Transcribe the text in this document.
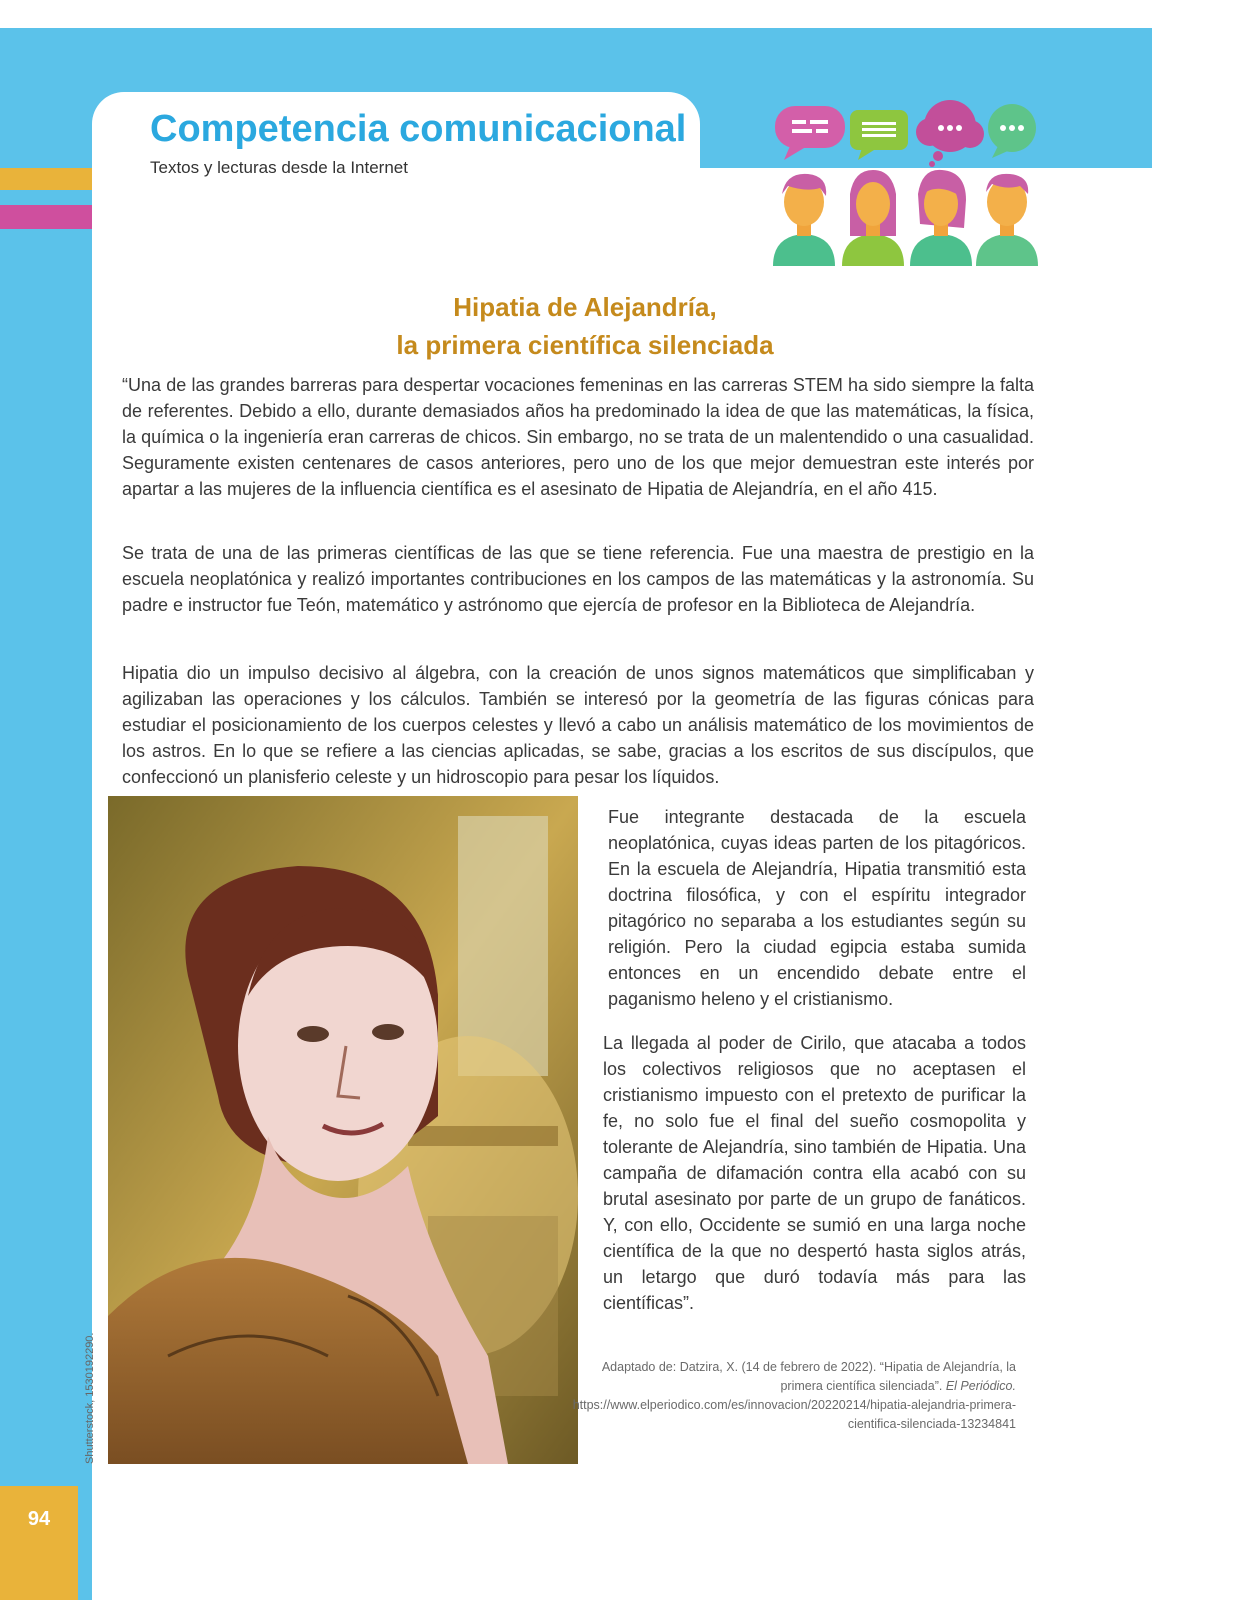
Competencia comunicacional
Textos y lecturas desde la Internet
Hipatia de Alejandría,
la primera científica silenciada

“Una de las grandes barreras para despertar vocaciones femeninas en las carreras STEM ha sido siempre la falta de referentes. Debido a ello, durante demasiados años ha predominado la idea de que las matemáticas, la física, la química o la ingeniería eran carreras de chicos. Sin embargo, no se trata de un malentendido o una casualidad. Seguramente existen centenares de casos anteriores, pero uno de los que mejor demuestran este interés por apartar a las mujeres de la influencia científica es el asesinato de Hipatia de Alejandría, en el año 415.

Se trata de una de las primeras científicas de las que se tiene referencia. Fue una maestra de prestigio en la escuela neoplatónica y realizó importantes contribuciones en los campos de las matemáticas y la astronomía. Su padre e instructor fue Teón, matemático y astrónomo que ejercía de profesor en la Biblioteca de Alejandría.

Hipatia dio un impulso decisivo al álgebra, con la creación de unos signos matemáticos que simplificaban y agilizaban las operaciones y los cálculos. También se interesó por la geometría de las figuras cónicas para estudiar el posicionamiento de los cuerpos celestes y llevó a cabo un análisis matemático de los movimientos de los astros. En lo que se refiere a las ciencias aplicadas, se sabe, gracias a los escritos de sus discípulos, que confeccionó un planisferio celeste y un hidroscopio para pesar los líquidos.

Shutterstock, 1530192290.

Fue integrante destacada de la escuela neoplatónica, cuyas ideas parten de los pitagóricos. En la escuela de Alejandría, Hipatia transmitió esta doctrina filosófica, y con el espíritu integrador pitagórico no separaba a los estudiantes según su religión. Pero la ciudad egipcia estaba sumida entonces en un encendido debate entre el paganismo heleno y el cristianismo.

La llegada al poder de Cirilo, que atacaba a todos los colectivos religiosos que no aceptasen el cristianismo impuesto con el pretexto de purificar la fe, no solo fue el final del sueño cosmopolita y tolerante de Alejandría, sino también de Hipatia. Una campaña de difamación contra ella acabó con su brutal asesinato por parte de un grupo de fanáticos. Y, con ello, Occidente se sumió en una larga noche científica de la que no despertó hasta siglos atrás, un letargo que duró todavía más para las científicas”.

Adaptado de: Datzira, X. (14 de febrero de 2022). “Hipatia de Alejandría, la primera científica silenciada”. El Periódico.
https://www.elperiodico.com/es/innovacion/20220214/hipatia-alejandria-primera-cientifica-silenciada-13234841
94
